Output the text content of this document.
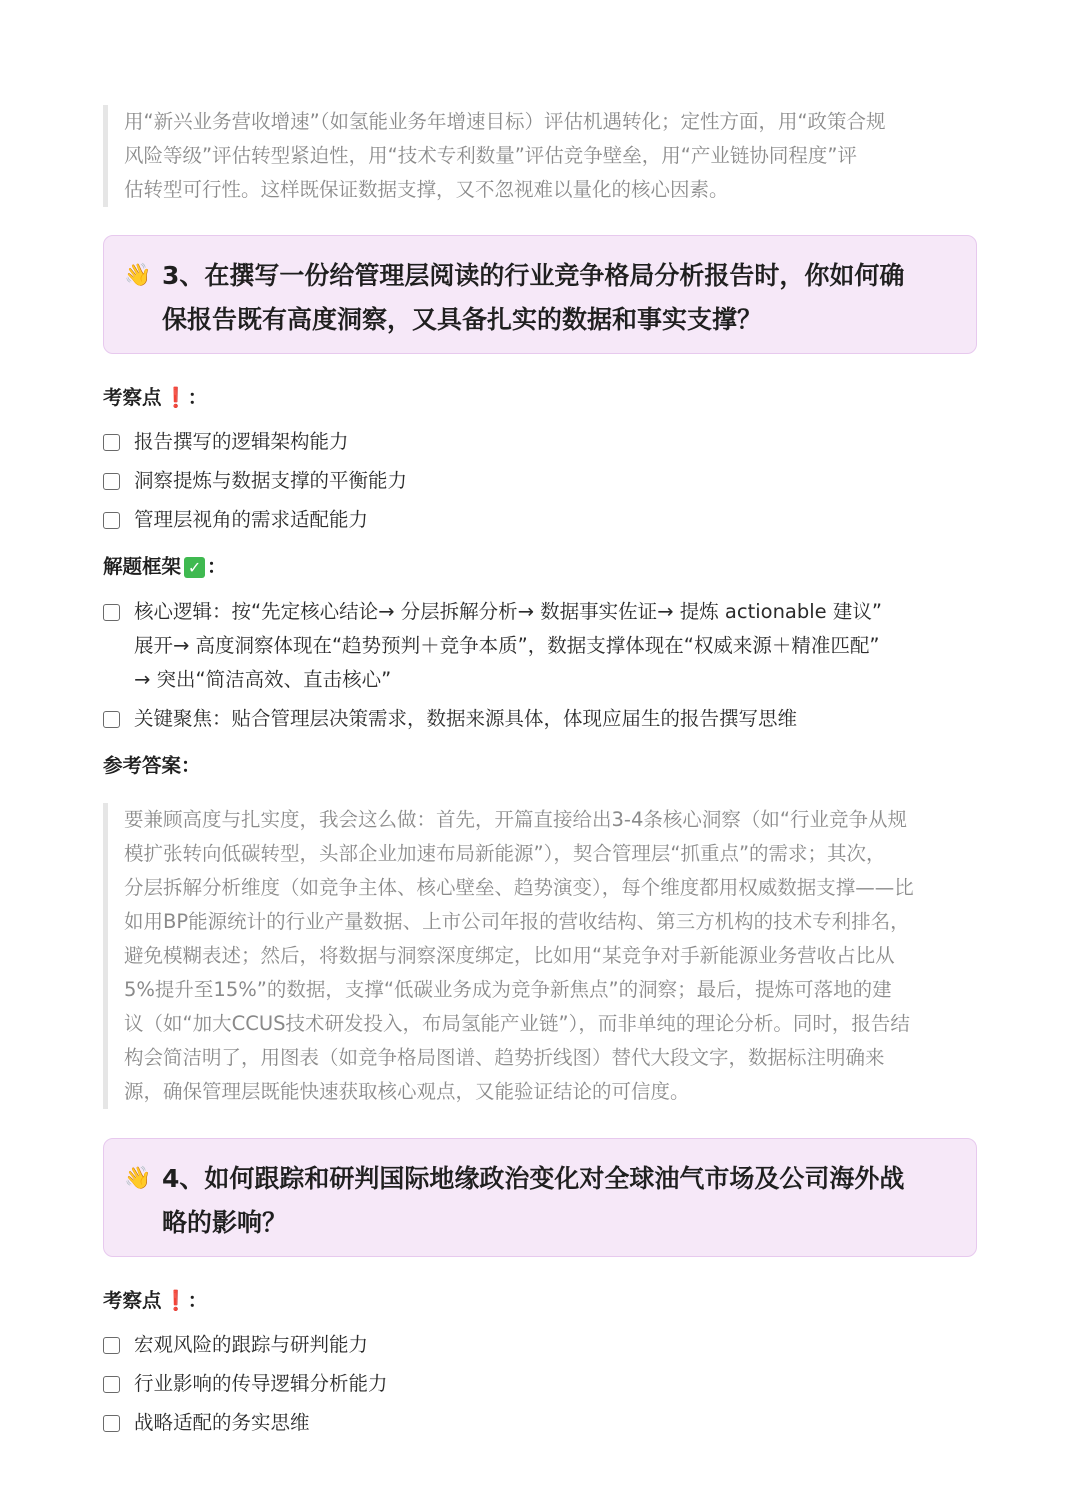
用“新兴业务营收增速”（如氢能业务年增速目标）评估机遇转化；定性方面，用“政策合规

风险等级”评估转型紧迫性，用“技术专利数量”评估竞争壁垒，用“产业链协同程度”评

估转型可行性。这样既保证数据支撑，又不忽视难以量化的核心因素。

👋 3、在撰写一份给管理层阅读的行业竞争格局分析报告时，你如何确
保报告既有高度洞察，又具备扎实的数据和事实支撑？
考察点 ❗ ：
报告撰写的逻辑架构能力
洞察提炼与数据支撑的平衡能力
管理层视角的需求适配能力
解题框架 ✓ ：
核心逻辑：按“先定核心结论→ 分层拆解分析→ 数据事实佐证→ 提炼 actionable 建议”
展开→ 高度洞察体现在“趋势预判＋竞争本质”，数据支撑体现在“权威来源＋精准匹配”
→ 突出“简洁高效、直击核心”
关键聚焦：贴合管理层决策需求，数据来源具体，体现应届生的报告撰写思维
参考答案：

要兼顾高度与扎实度，我会这么做：首先，开篇直接给出3-4条核心洞察（如“行业竞争从规

模扩张转向低碳转型，头部企业加速布局新能源”），契合管理层“抓重点”的需求；其次，

分层拆解分析维度（如竞争主体、核心壁垒、趋势演变），每个维度都用权威数据支撑——比

如用BP能源统计的行业产量数据、上市公司年报的营收结构、第三方机构的技术专利排名，

避免模糊表述；然后，将数据与洞察深度绑定，比如用“某竞争对手新能源业务营收占比从

5%提升至15%”的数据，支撑“低碳业务成为竞争新焦点”的洞察；最后，提炼可落地的建

议（如“加大CCUS技术研发投入，布局氢能产业链”），而非单纯的理论分析。同时，报告结

构会简洁明了，用图表（如竞争格局图谱、趋势折线图）替代大段文字，数据标注明确来

源，确保管理层既能快速获取核心观点，又能验证结论的可信度。

👋 4、如何跟踪和研判国际地缘政治变化对全球油气市场及公司海外战
略的影响？
考察点 ❗ ：
宏观风险的跟踪与研判能力
行业影响的传导逻辑分析能力
战略适配的务实思维
